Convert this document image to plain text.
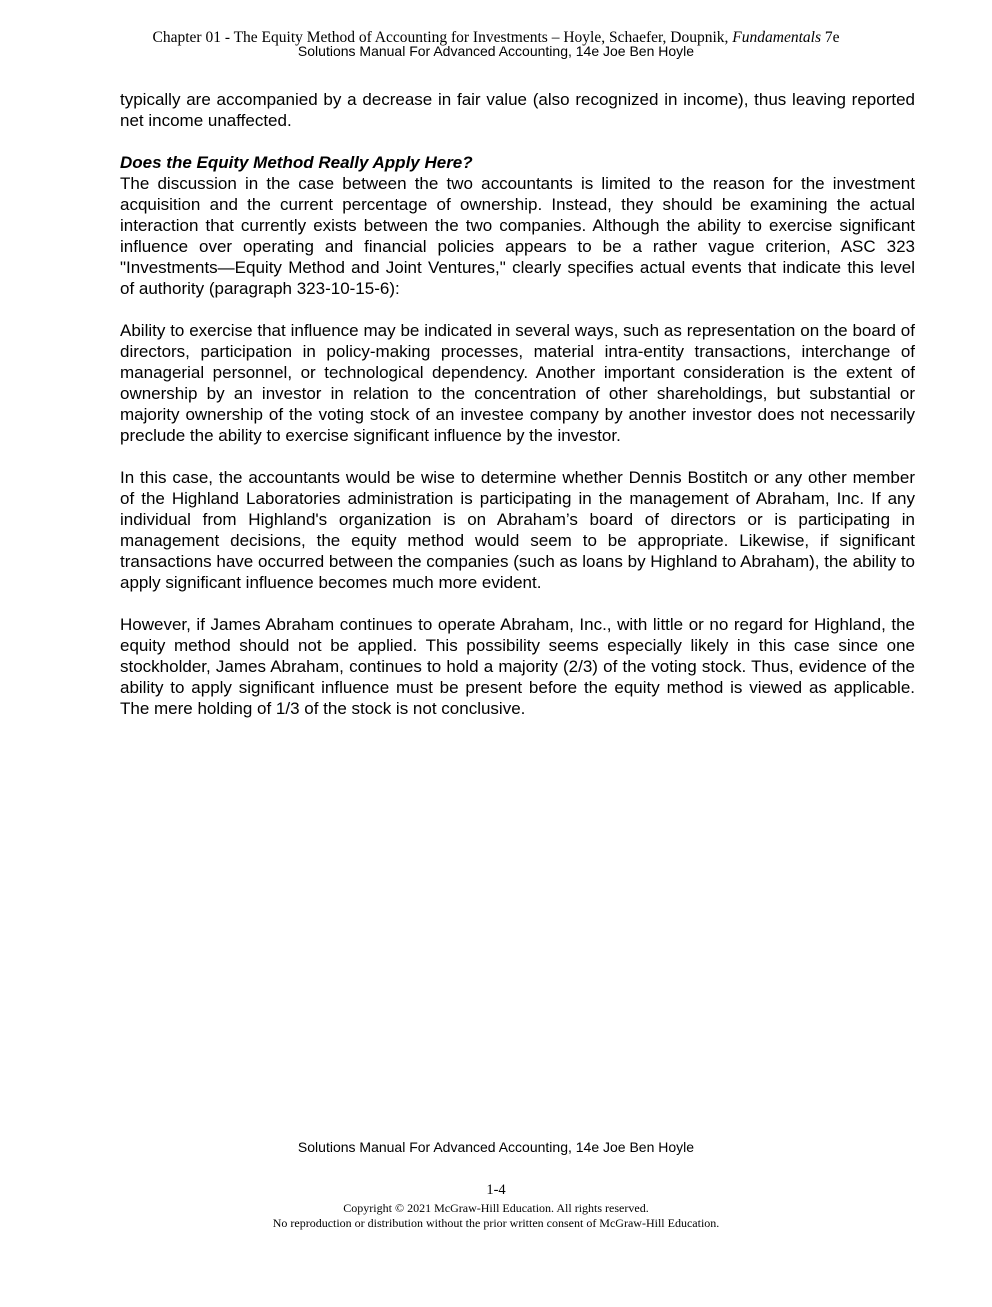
Chapter 01 - The Equity Method of Accounting for Investments – Hoyle, Schaefer, Doupnik, Fundamentals 7e
Solutions Manual For Advanced Accounting, 14e Joe Ben Hoyle

typically are accompanied by a decrease in fair value (also recognized in income), thus leaving reported net income unaffected.

Does the Equity Method Really Apply Here?

The discussion in the case between the two accountants is limited to the reason for the investment acquisition and the current percentage of ownership. Instead, they should be examining the actual interaction that currently exists between the two companies. Although the ability to exercise significant influence over operating and financial policies appears to be a rather vague criterion, ASC 323 "Investments—Equity Method and Joint Ventures," clearly specifies actual events that indicate this level of authority (paragraph 323-10-15-6):

Ability to exercise that influence may be indicated in several ways, such as representation on the board of directors, participation in policy-making processes, material intra-entity transactions, interchange of managerial personnel, or technological dependency. Another important consideration is the extent of ownership by an investor in relation to the concentration of other shareholdings, but substantial or majority ownership of the voting stock of an investee company by another investor does not necessarily preclude the ability to exercise significant influence by the investor.

In this case, the accountants would be wise to determine whether Dennis Bostitch or any other member of the Highland Laboratories administration is participating in the management of Abraham, Inc. If any individual from Highland's organization is on Abraham’s board of directors or is participating in management decisions, the equity method would seem to be appropriate. Likewise, if significant transactions have occurred between the companies (such as loans by Highland to Abraham), the ability to apply significant influence becomes much more evident.

However, if James Abraham continues to operate Abraham, Inc., with little or no regard for Highland, the equity method should not be applied. This possibility seems especially likely in this case since one stockholder, James Abraham, continues to hold a majority (2/3) of the voting stock. Thus, evidence of the ability to apply significant influence must be present before the equity method is viewed as applicable. The mere holding of 1/3 of the stock is not conclusive.

Solutions Manual For Advanced Accounting, 14e Joe Ben Hoyle
1-4
Copyright © 2021 McGraw-Hill Education. All rights reserved.
No reproduction or distribution without the prior written consent of McGraw-Hill Education.
